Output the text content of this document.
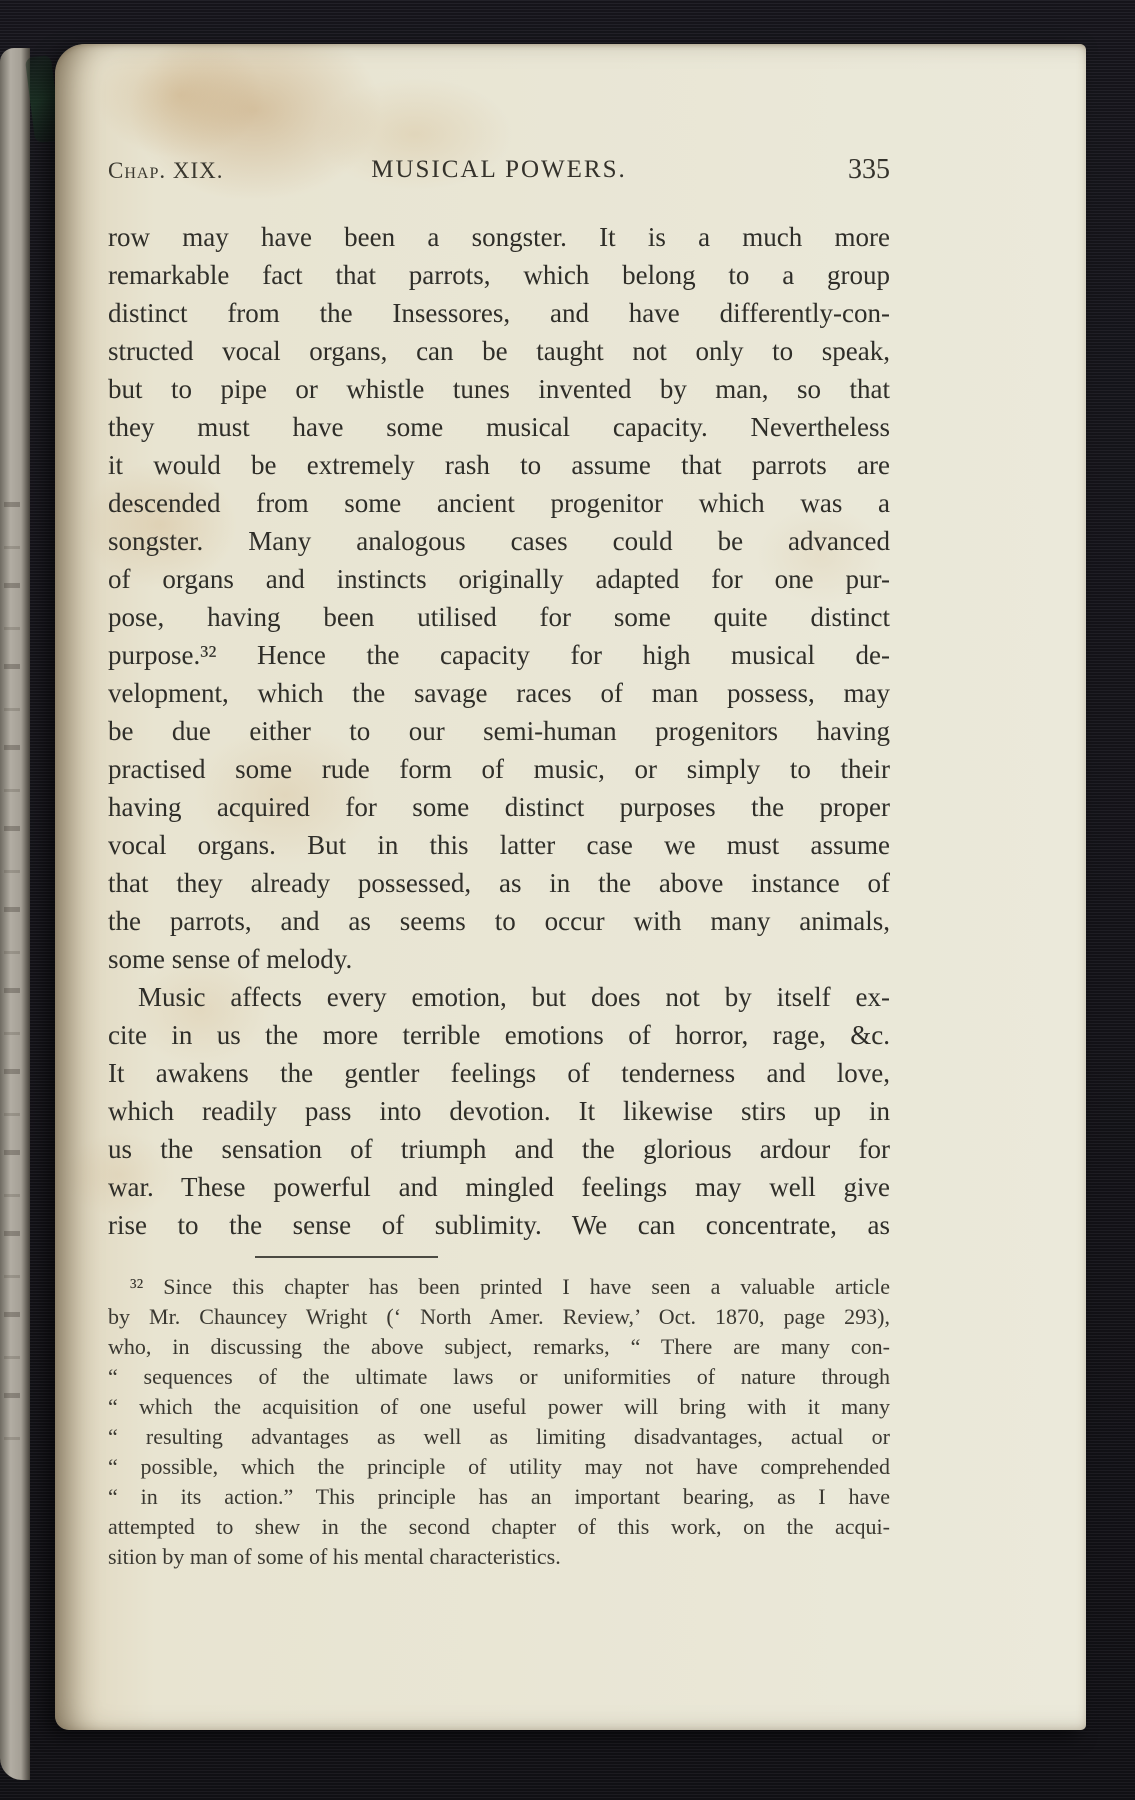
Chap. XIX.	MUSICAL POWERS.	335
row may have been a songster. It is a much more
remarkable fact that parrots, which belong to a group
distinct from the Insessores, and have differently-con-
structed vocal organs, can be taught not only to speak,
but to pipe or whistle tunes invented by man, so that
they must have some musical capacity. Nevertheless
it would be extremely rash to assume that parrots are
descended from some ancient progenitor which was a
songster. Many analogous cases could be advanced
of organs and instincts originally adapted for one pur-
pose, having been utilised for some quite distinct
purpose.³² Hence the capacity for high musical de-
velopment, which the savage races of man possess, may
be due either to our semi-human progenitors having
practised some rude form of music, or simply to their
having acquired for some distinct purposes the proper
vocal organs. But in this latter case we must assume
that they already possessed, as in the above instance of
the parrots, and as seems to occur with many animals,
some sense of melody.
Music affects every emotion, but does not by itself ex-
cite in us the more terrible emotions of horror, rage, &c.
It awakens the gentler feelings of tenderness and love,
which readily pass into devotion. It likewise stirs up in
us the sensation of triumph and the glorious ardour for
war. These powerful and mingled feelings may well give
rise to the sense of sublimity. We can concentrate, as
³² Since this chapter has been printed I have seen a valuable article
by Mr. Chauncey Wright (‘ North Amer. Review,’ Oct. 1870, page 293),
who, in discussing the above subject, remarks, “ There are many con-
“ sequences of the ultimate laws or uniformities of nature through
“ which the acquisition of one useful power will bring with it many
“ resulting advantages as well as limiting disadvantages, actual or
“ possible, which the principle of utility may not have comprehended
“ in its action.” This principle has an important bearing, as I have
attempted to shew in the second chapter of this work, on the acqui-
sition by man of some of his mental characteristics.
